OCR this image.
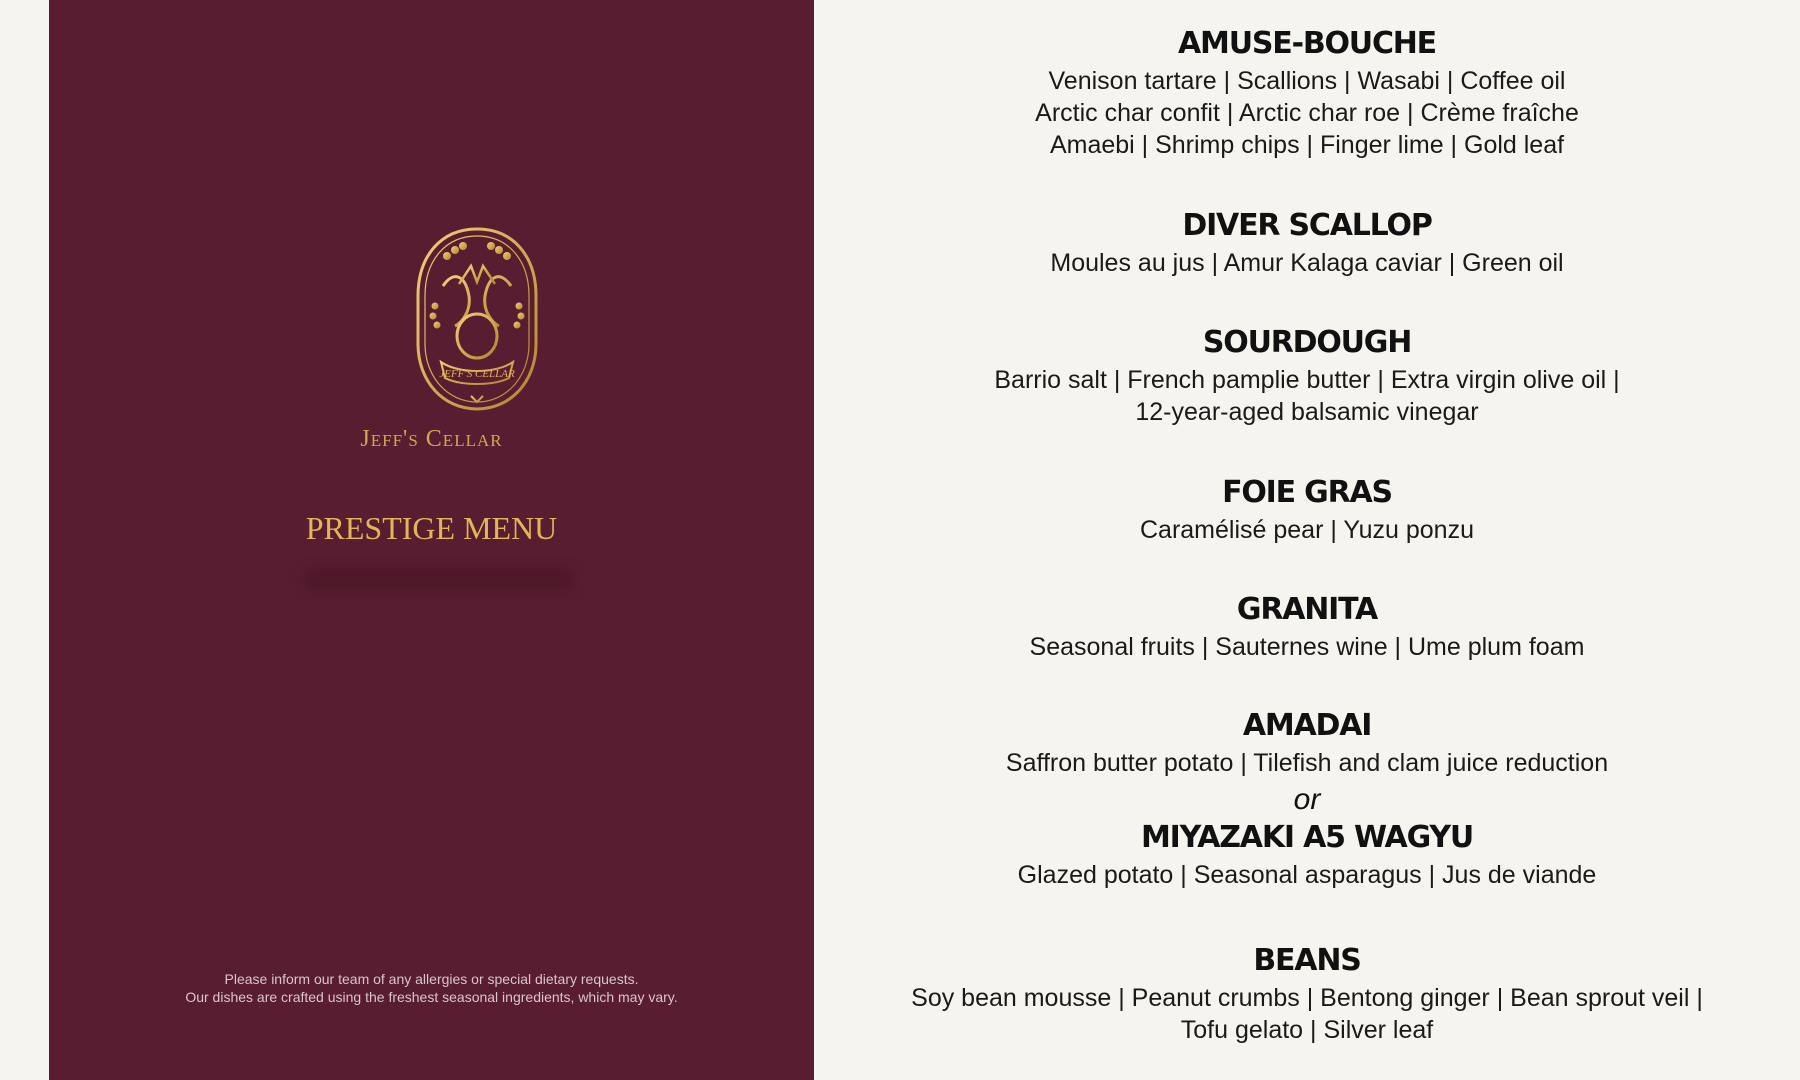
JEFF'S CELLAR
Jeff's Cellar
PRESTIGE MENU
Please inform our team of any allergies or special dietary requests.
Our dishes are crafted using the freshest seasonal ingredients, which may vary.
AMUSE-BOUCHE

Venison tartare | Scallions | Wasabi | Coffee oil
Arctic char confit | Arctic char roe | Crème fraîche
Amaebi | Shrimp chips | Finger lime | Gold leaf

DIVER SCALLOP

Moules au jus | Amur Kalaga caviar | Green oil

SOURDOUGH

Barrio salt | French pamplie butter | Extra virgin olive oil |
12-year-aged balsamic vinegar

FOIE GRAS

Caramélisé pear | Yuzu ponzu

GRANITA

Seasonal fruits | Sauternes wine | Ume plum foam

AMADAI

Saffron butter potato | Tilefish and clam juice reduction

or
MIYAZAKI A5 WAGYU

Glazed potato | Seasonal asparagus | Jus de viande

BEANS

Soy bean mousse | Peanut crumbs | Bentong ginger | Bean sprout veil |
Tofu gelato | Silver leaf
